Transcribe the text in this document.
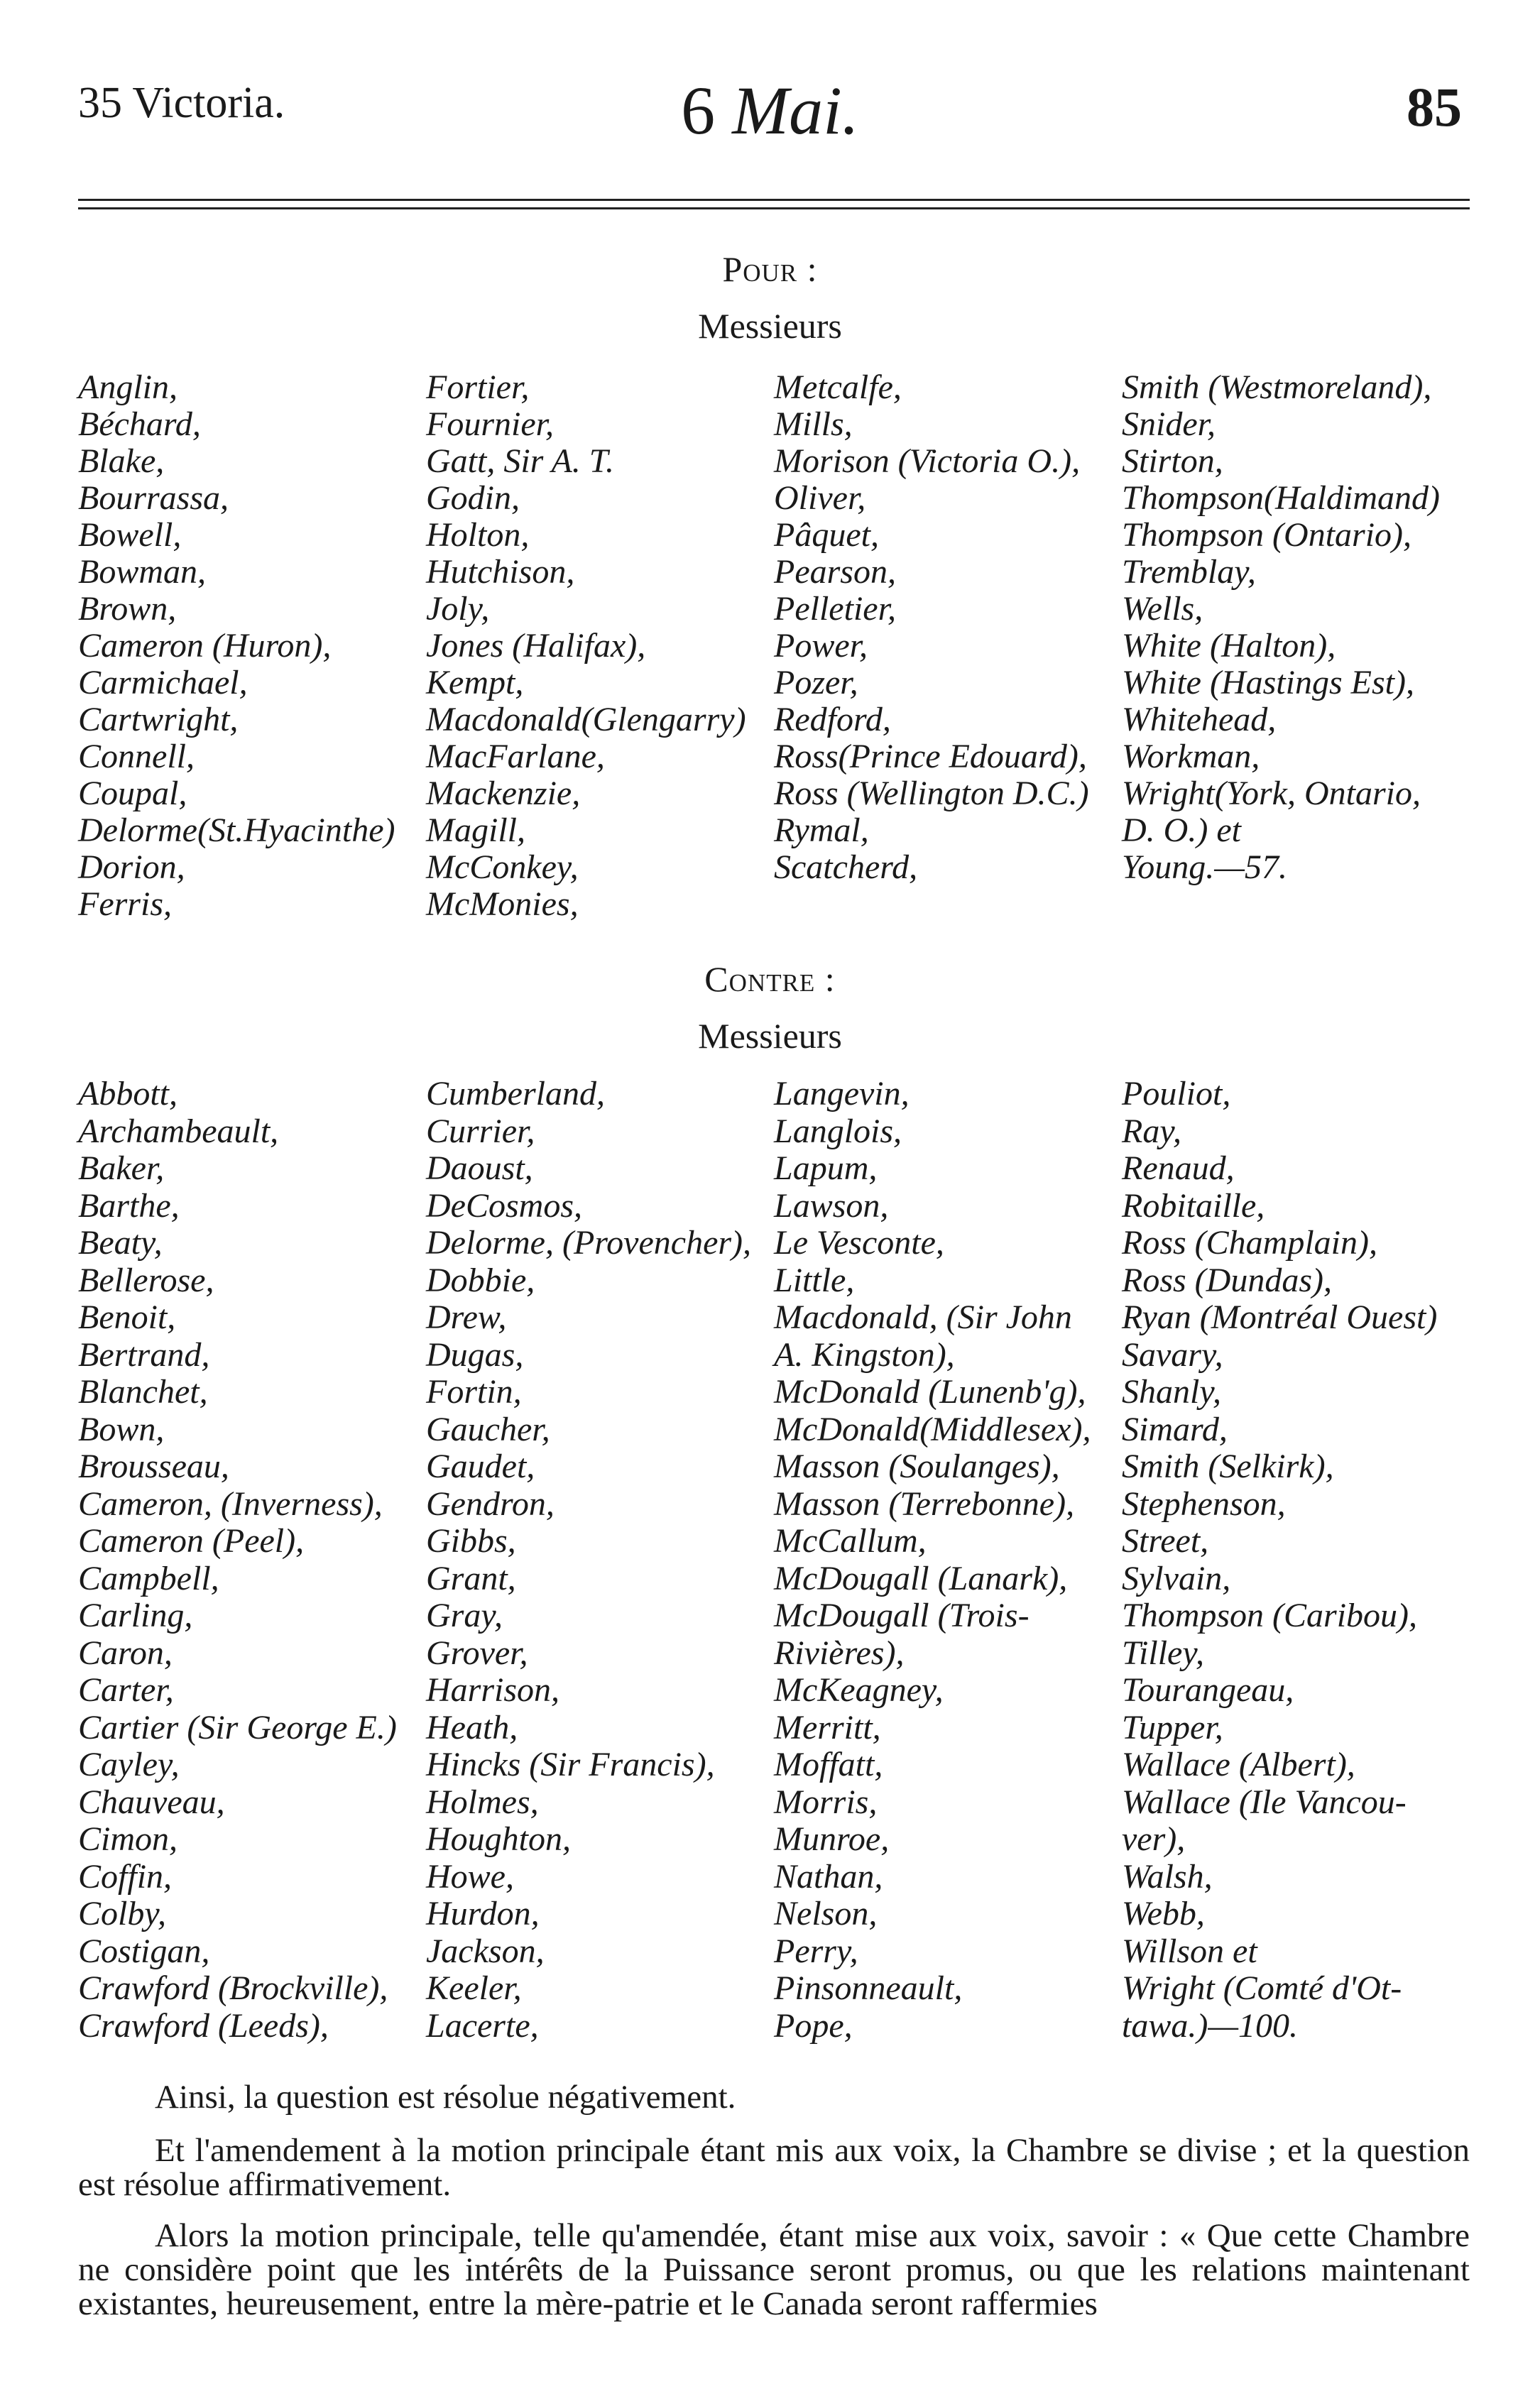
35 Victoria.	6 Mai.	85
Pour :
Messieurs
Anglin,
Béchard,
Blake,
Bourrassa,
Bowell,
Bowman,
Brown,
Cameron (Huron),
Carmichael,
Cartwright,
Connell,
Coupal,
Delorme(St.Hyacinthe)
Dorion,
Ferris,
Fortier,
Fournier,
Gatt, Sir A. T.
Godin,
Holton,
Hutchison,
Joly,
Jones (Halifax),
Kempt,
Macdonald(Glengarry)
MacFarlane,
Mackenzie,
Magill,
McConkey,
McMonies,
Metcalfe,
Mills,
Morison (Victoria O.),
Oliver,
Pâquet,
Pearson,
Pelletier,
Power,
Pozer,
Redford,
Ross(Prince Edouard),
Ross (Wellington D.C.)
Rymal,
Scatcherd,
Smith (Westmoreland),
Snider,
Stirton,
Thompson(Haldimand)
Thompson (Ontario),
Tremblay,
Wells,
White (Halton),
White (Hastings Est),
Whitehead,
Workman,
Wright(York, Ontario,
D. O.) et
Young.—57.
Contre :
Messieurs
Abbott,
Archambeault,
Baker,
Barthe,
Beaty,
Bellerose,
Benoit,
Bertrand,
Blanchet,
Bown,
Brousseau,
Cameron, (Inverness),
Cameron (Peel),
Campbell,
Carling,
Caron,
Carter,
Cartier (Sir George E.)
Cayley,
Chauveau,
Cimon,
Coffin,
Colby,
Costigan,
Crawford (Brockville),
Crawford (Leeds),
Cumberland,
Currier,
Daoust,
DeCosmos,
Delorme, (Provencher),
Dobbie,
Drew,
Dugas,
Fortin,
Gaucher,
Gaudet,
Gendron,
Gibbs,
Grant,
Gray,
Grover,
Harrison,
Heath,
Hincks (Sir Francis),
Holmes,
Houghton,
Howe,
Hurdon,
Jackson,
Keeler,
Lacerte,
Langevin,
Langlois,
Lapum,
Lawson,
Le Vesconte,
Little,
Macdonald, (Sir John
A. Kingston),
McDonald (Lunenb'g),
McDonald(Middlesex),
Masson (Soulanges),
Masson (Terrebonne),
McCallum,
McDougall (Lanark),
McDougall (Trois-
Rivières),
McKeagney,
Merritt,
Moffatt,
Morris,
Munroe,
Nathan,
Nelson,
Perry,
Pinsonneault,
Pope,
Pouliot,
Ray,
Renaud,
Robitaille,
Ross (Champlain),
Ross (Dundas),
Ryan (Montréal Ouest)
Savary,
Shanly,
Simard,
Smith (Selkirk),
Stephenson,
Street,
Sylvain,
Thompson (Caribou),
Tilley,
Tourangeau,
Tupper,
Wallace (Albert),
Wallace (Ile Vancou-
ver),
Walsh,
Webb,
Willson et
Wright (Comté d'Ot-
tawa.)—100.
Ainsi, la question est résolue négativement.
Et l'amendement à la motion principale étant mis aux voix, la Chambre se divise ; et la question est résolue affirmativement.
Alors la motion principale, telle qu'amendée, étant mise aux voix, savoir : « Que cette Chambre ne considère point que les intérêts de la Puissance seront promus, ou que les relations maintenant existantes, heureusement, entre la mère-patrie et le Canada seront raffermies
